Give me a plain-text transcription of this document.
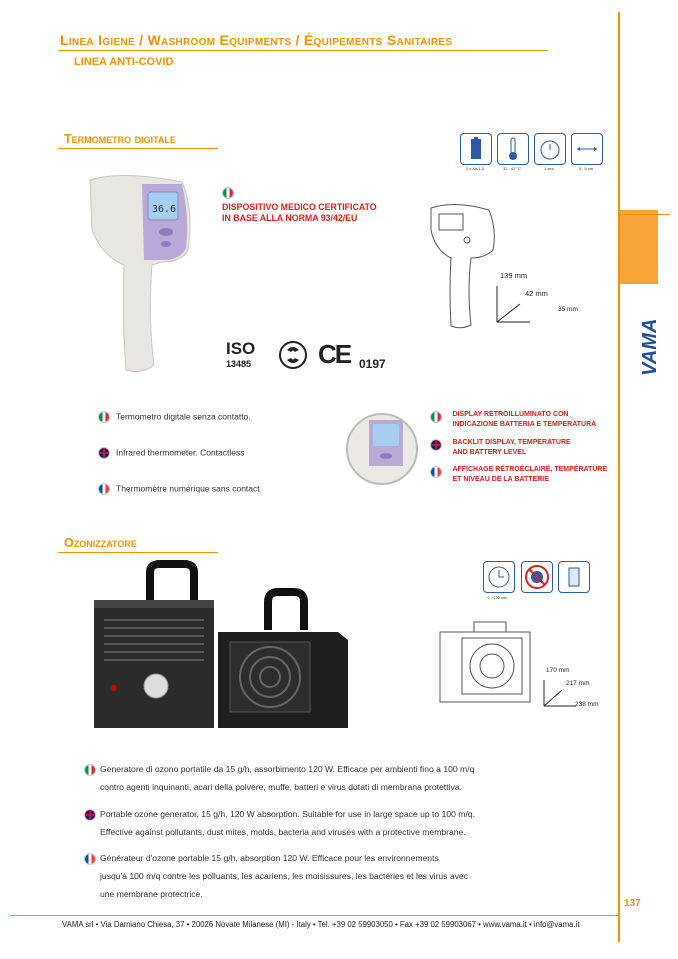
VAMA
Linea Igiene / Washroom Equipments / Équipements Sanitaires
LINEA ANTI-COVID
Termometro digitale
36.6
2 x AA 1,5	32 - 42 °C	1 sec	3 - 5 cm
DISPOSITIVO MEDICO CERTIFICATO IN BASE ALLA NORMA 93/42/EU
139 mm
42 mm
35 mm
ISO
13485	CE 0197
Termometro digitale senza contatto.
Infrared thermometer. Contactless
Thermomètre numérique sans contact

DISPLAY RETROILLUMINATO CON
INDICAZIONE BATTERIA E TEMPERATURA

BACKLIT DISPLAY, TEMPERATURE
AND BATTERY LEVEL

AFFICHAGE RÉTROÉCLAIRÉ, TEMPÉRATURE
ET NIVEAU DE LA BATTERIE
Ozonizzatore
0 - 120 min.
170 mm
217 mm
238 mm
Generatore di ozono portatile da 15 g/h, assorbimento 120 W. Efficace per ambienti fino a 100 m/q
contro agenti inquinanti, acari della polvere, muffe, batteri e virus dotati di membrana protettiva.
Portable ozone generator, 15 g/h, 120 W absorption. Suitable for use in large space up to 100 m/q.
Effective against pollutants, dust mites, molds, bacteria and viruses with a protective membrane.
Générateur d'ozone portable 15 g/h, absorption 120 W. Efficace pour les environnements
jusqu'à 100 m/q contre les polluants, les acariens, les moisissures, les bactéries et les virus avec
une membrane protectrice.
137
VAMA srl • Via Damiano Chiesa, 37 • 20026 Novate Milanese (MI) - Italy • Tel. +39 02 59903050 • Fax +39 02 59903067 • www.vama.it • info@vama.it
